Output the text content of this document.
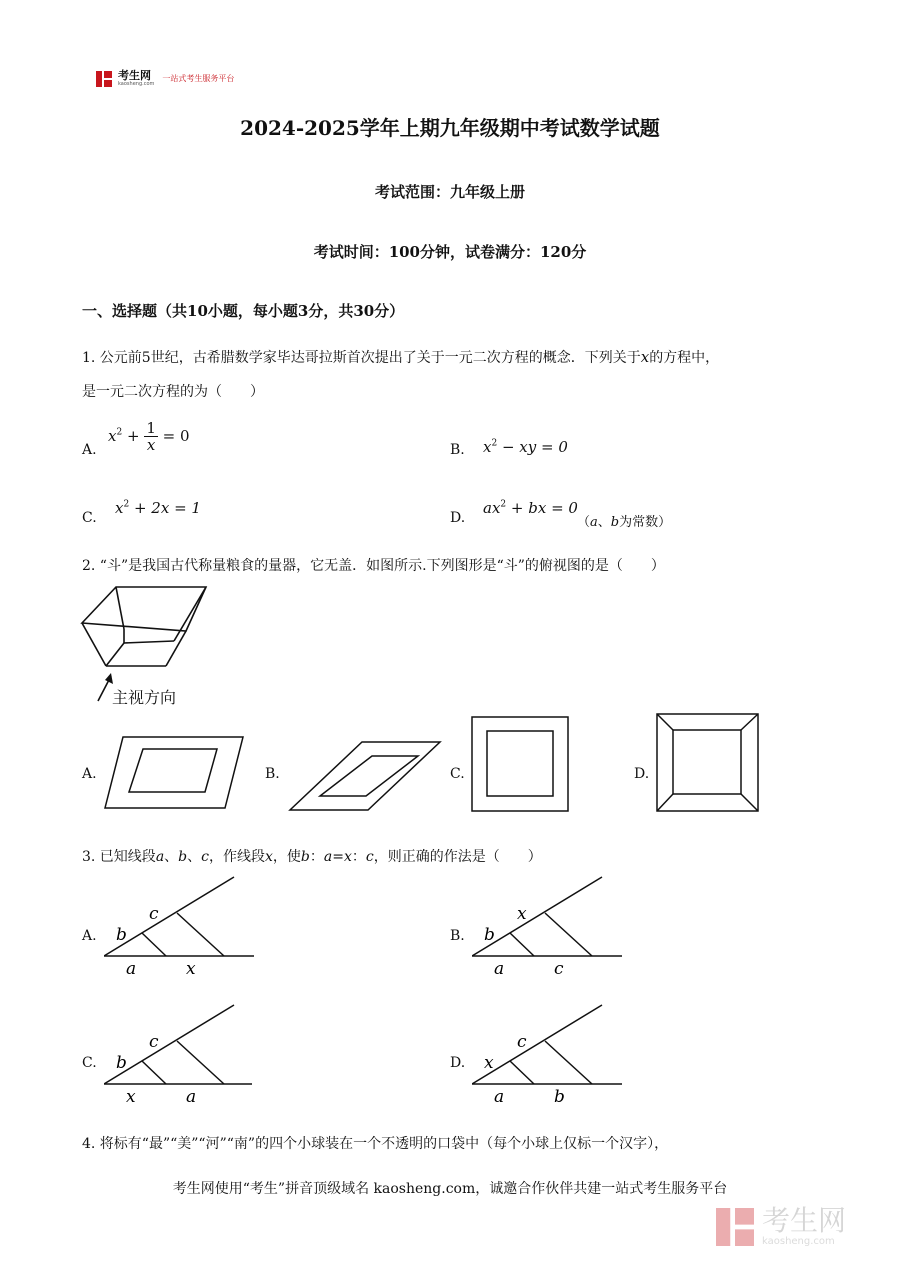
考生网
kaosheng.com
一站式考生服务平台
2024-2025学年上期九年级期中考试数学试题
考试范围：九年级上册
考试时间：100分钟，试卷满分：120分
一、选择题（共10小题，每小题3分，共30分）
1. 公元前5世纪，古希腊数学家毕达哥拉斯首次提出了关于一元二次方程的概念．下列关于x的方程中，
是一元二次方程的为（　　）
A.
$x^2 + \frac{1}{x} = 0$
B. $x^2$ − xy = 0
C.
$x^2 + 2x = 1$
D.
$ax^2$ + bx = 0
（a、b为常数）
2. “斗”是我国古代称量粮食的量器，它无盖．如图所示.下列图形是“斗”的俯视图的是（　　）
主视方向
A.	B.	C.	D.
3. 已知线段a、b、c，作线段x，使b：a=x：c，则正确的作法是（　　）
A. b
c
a	x
B. b
x
a	c
C. b
c
x	a
D. x
c
a	b
4. 将标有“最”“美”“河”“南”的四个小球装在一个不透明的口袋中（每个小球上仅标一个汉字），
考生网使用“考生”拼音顶级域名 kaosheng.com，诚邀合作伙伴共建一站式考生服务平台
考生网
kaosheng.com
